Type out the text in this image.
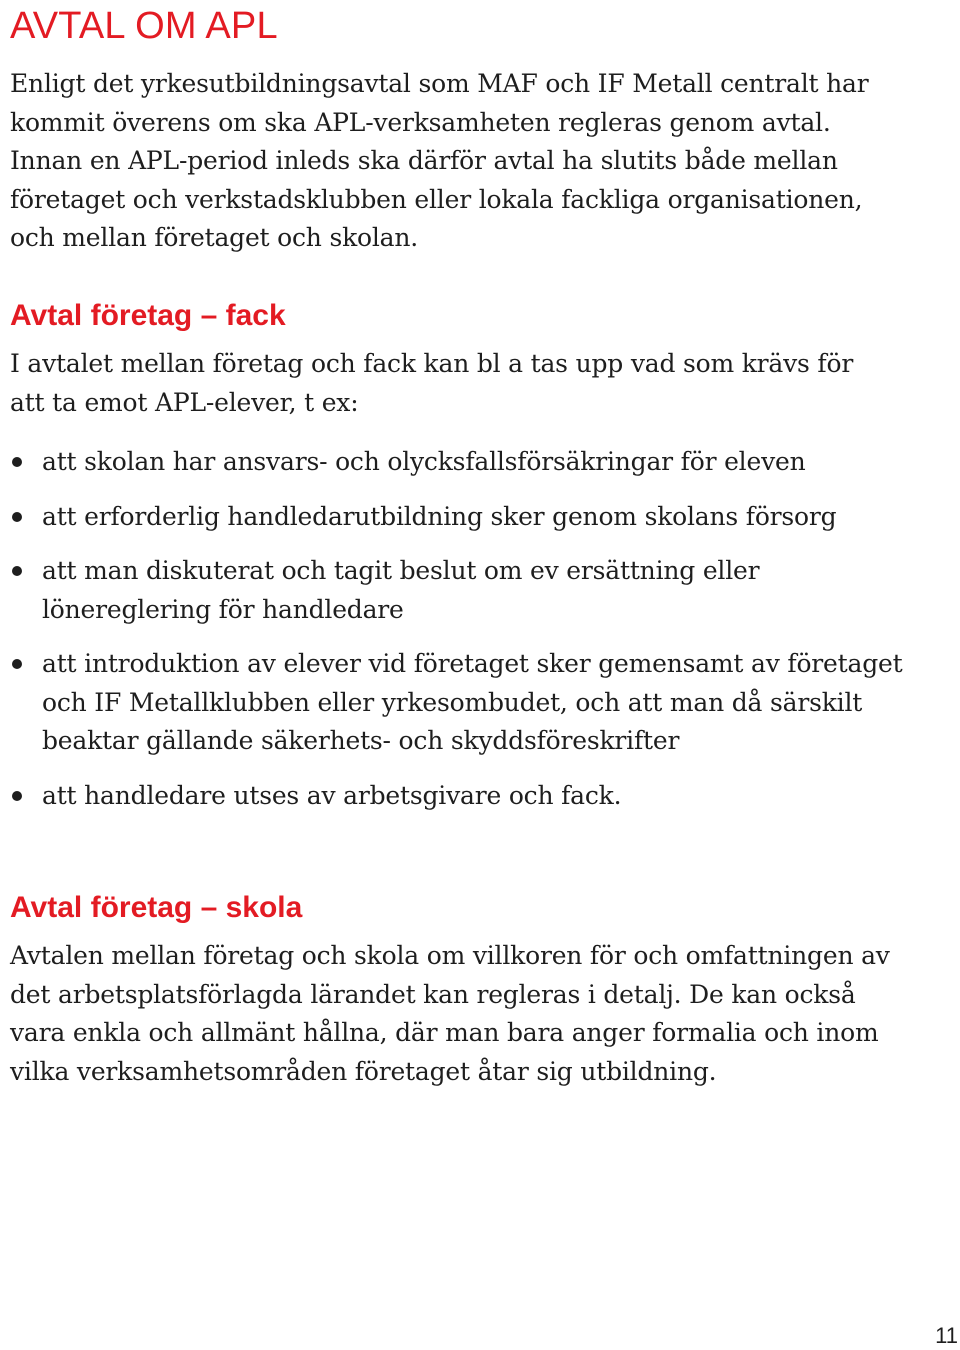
AVTAL OM APL

Enligt det yrkesutbildningsavtal som MAF och IF Metall centralt har kommit överens om ska APL-verksamheten regleras genom avtal. Innan en APL-period inleds ska därför avtal ha slutits både mellan företaget och verkstadsklubben eller lokala fackliga organisationen, och mellan företaget och skolan.

Avtal företag – fack

I avtalet mellan företag och fack kan bl a tas upp vad som krävs för att ta emot APL-elever, t ex:

att skolan har ansvars- och olycksfallsförsäkringar för eleven
att erforderlig handledarutbildning sker genom skolans försorg
att man diskuterat och tagit beslut om ev ersättning eller lönereglering för handledare
att introduktion av elever vid företaget sker gemensamt av företaget och IF Metallklubben eller yrkesombudet, och att man då särskilt beaktar gällande säkerhets- och skyddsföreskrifter
att handledare utses av arbetsgivare och fack.
Avtal företag – skola

Avtalen mellan företag och skola om villkoren för och omfattningen av det arbetsplatsförlagda lärandet kan regleras i detalj. De kan också vara enkla och allmänt hållna, där man bara anger formalia och inom vilka verksamhetsområden företaget åtar sig utbildning.

11
